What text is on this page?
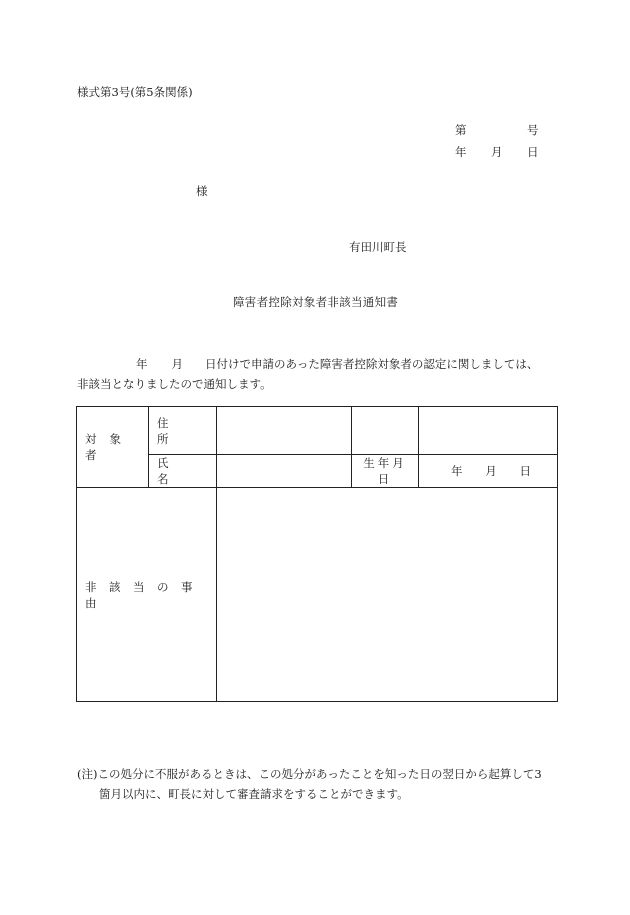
様式第3号(第5条関係)
第	号
年 月 日
様
有田川町長
障害者控除対象者非該当通知書
年 月 日付けで申請のあった障害者控除対象者の認定に関しましては、
非該当となりましたので通知します。
対象者	住所			

	氏名		生年月日	年 月 日

非該当の事由				

(注)この処分に不服があるときは、この処分があったことを知った日の翌日から起算して3
箇月以内に、町長に対して審査請求をすることができます。
